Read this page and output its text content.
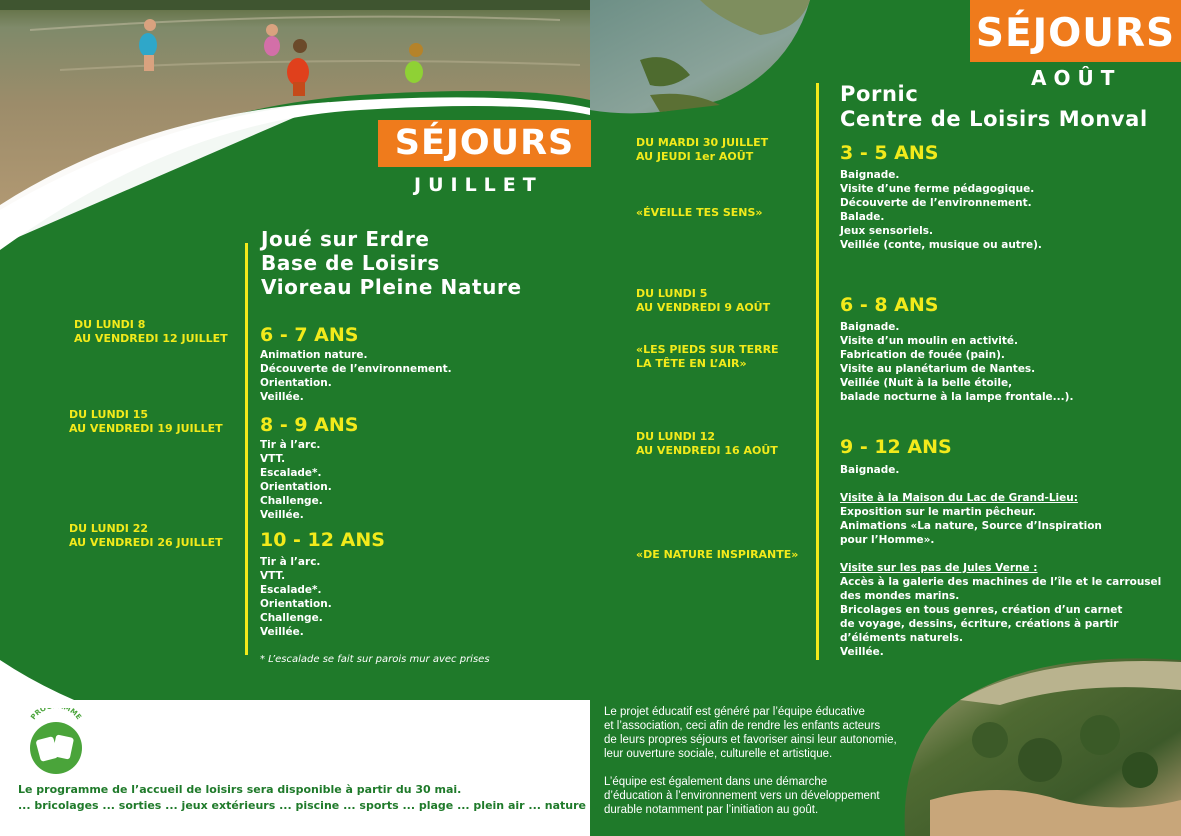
SÉJOURS
JUILLET
Joué sur Erdre
Base de Loisirs
Vioreau Pleine Nature
DU LUNDI 8
AU VENDREDI 12 JUILLET 6 - 7 ANS
Animation nature.
Découverte de l’environnement.
Orientation.
Veillée.
DU LUNDI 15
AU VENDREDI 19 JUILLET 8 - 9 ANS
Tir à l’arc.
VTT.
Escalade*.
Orientation.
Challenge.
Veillée.
DU LUNDI 22
AU VENDREDI 26 JUILLET 10 - 12 ANS
Tir à l’arc.
VTT.
Escalade*.
Orientation.
Challenge.
Veillée.
* L’escalade se fait sur parois mur avec prises
SÉJOURS
AOÛT
Pornic
Centre de Loisirs Monval
DU MARDI 30 JUILLET
AU JEUDI 1er AOÛT
«ÉVEILLE TES SENS»
3 - 5 ANS
Baignade.
Visite d’une ferme pédagogique.
Découverte de l’environnement.
Balade.
Jeux sensoriels.
Veillée (conte, musique ou autre).
DU LUNDI 5
AU VENDREDI 9 AOÛT
«LES PIEDS SUR TERRE
LA TÊTE EN L’AIR»
6 - 8 ANS
Baignade.
Visite d’un moulin en activité.
Fabrication de fouée (pain).
Visite au planétarium de Nantes.
Veillée (Nuit à la belle étoile,
balade nocturne à la lampe frontale...).
DU LUNDI 12
AU VENDREDI 16 AOÛT
«DE NATURE INSPIRANTE»
9 - 12 ANS
Baignade.
Visite à la Maison du Lac de Grand-Lieu:
Exposition sur le martin pêcheur.
Animations «La nature, Source d’Inspiration
pour l’Homme».
Visite sur les pas de Jules Verne :
Accès à la galerie des machines de l’île et le carrousel
des mondes marins.
Bricolages en tous genres, création d’un carnet
de voyage, dessins, écriture, créations à partir
d’éléments naturels.
Veillée.
Le projet éducatif est généré par l’équipe éducative
et l’association, ceci afin de rendre les enfants acteurs
de leurs propres séjours et favoriser ainsi leur autonomie,
leur ouverture sociale, culturelle et artistique.
L’équipe est également dans une démarche
d’éducation à l’environnement vers un développement
durable notamment par l’initiation au goût.
PRO MME
Le programme de l’accueil de loisirs sera disponible à partir du 30 mai.
... bricolages ... sorties ... jeux extérieurs ... piscine ... sports ... plage ... plein air ... nature ...
